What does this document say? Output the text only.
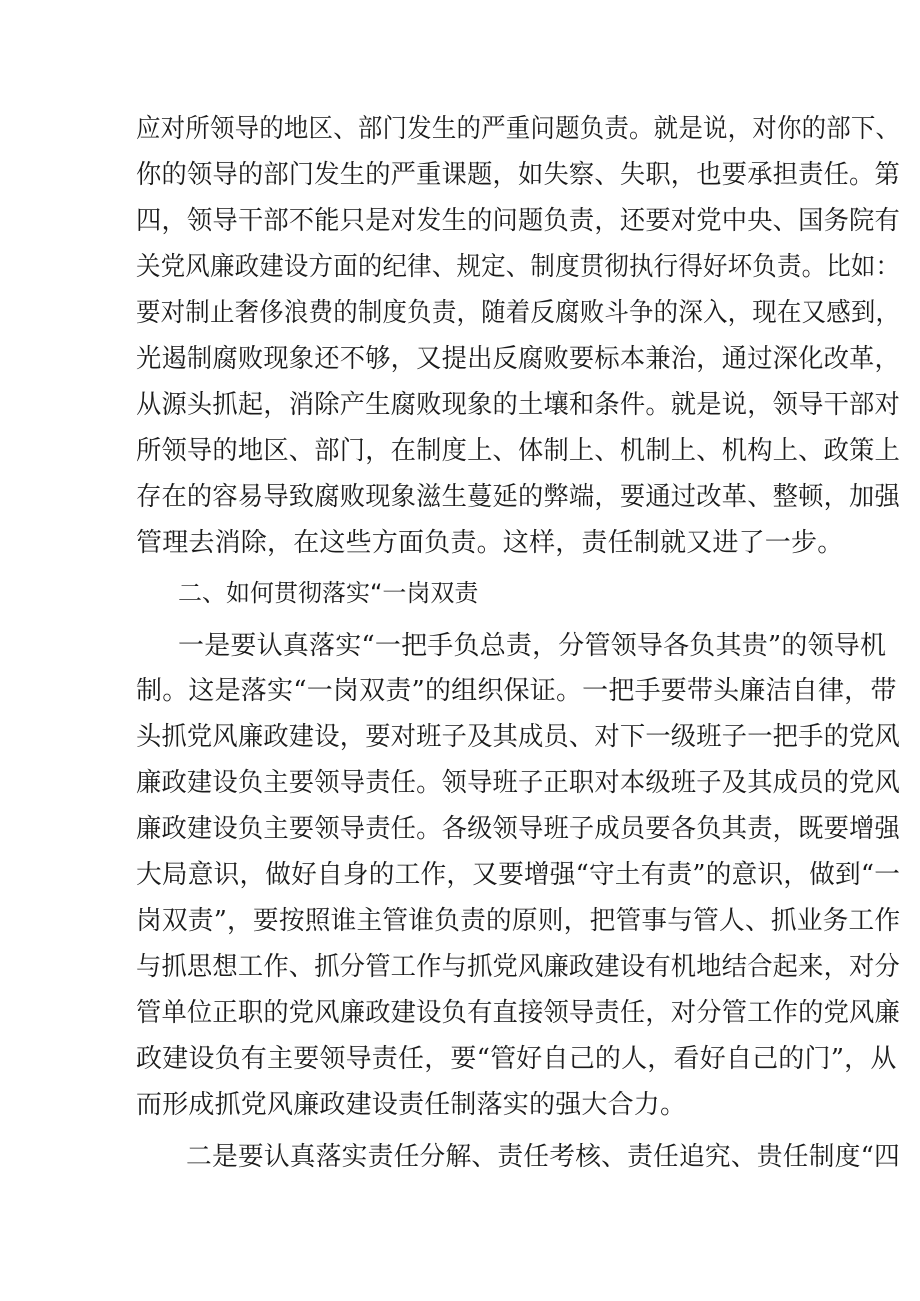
应对所领导的地区、部门发生的严重问题负责。就是说，对你的部下、
你的领导的部门发生的严重课题，如失察、失职，也要承担责任。第
四，领导干部不能只是对发生的问题负责，还要对党中央、国务院有
关党风廉政建设方面的纪律、规定、制度贯彻执行得好坏负责。比如：
要对制止奢侈浪费的制度负责，随着反腐败斗争的深入，现在又感到，
光遏制腐败现象还不够，又提出反腐败要标本兼治，通过深化改革，
从源头抓起，消除产生腐败现象的土壤和条件。就是说，领导干部对
所领导的地区、部门，在制度上、体制上、机制上、机构上、政策上
存在的容易导致腐败现象滋生蔓延的弊端，要通过改革、整顿，加强
管理去消除，在这些方面负责。这样，责任制就又进了一步。
二、如何贯彻落实“一岗双责
一是要认真落实“一把手负总责，分管领导各负其贵”的领导机
制。这是落实“一岗双责”的组织保证。一把手要带头廉洁自律，带
头抓党风廉政建设，要对班子及其成员、对下一级班子一把手的党风
廉政建设负主要领导责任。领导班子正职对本级班子及其成员的党风
廉政建设负主要领导责任。各级领导班子成员要各负其责，既要增强
大局意识，做好自身的工作，又要增强“守土有责”的意识，做到“一
岗双责”，要按照谁主管谁负责的原则，把管事与管人、抓业务工作
与抓思想工作、抓分管工作与抓党风廉政建设有机地结合起来，对分
管单位正职的党风廉政建设负有直接领导责任，对分管工作的党风廉
政建设负有主要领导责任，要“管好自己的人，看好自己的门”，从
而形成抓党风廉政建设责任制落实的强大合力。
二是要认真落实责任分解、责任考核、责任追究、贵任制度“四
